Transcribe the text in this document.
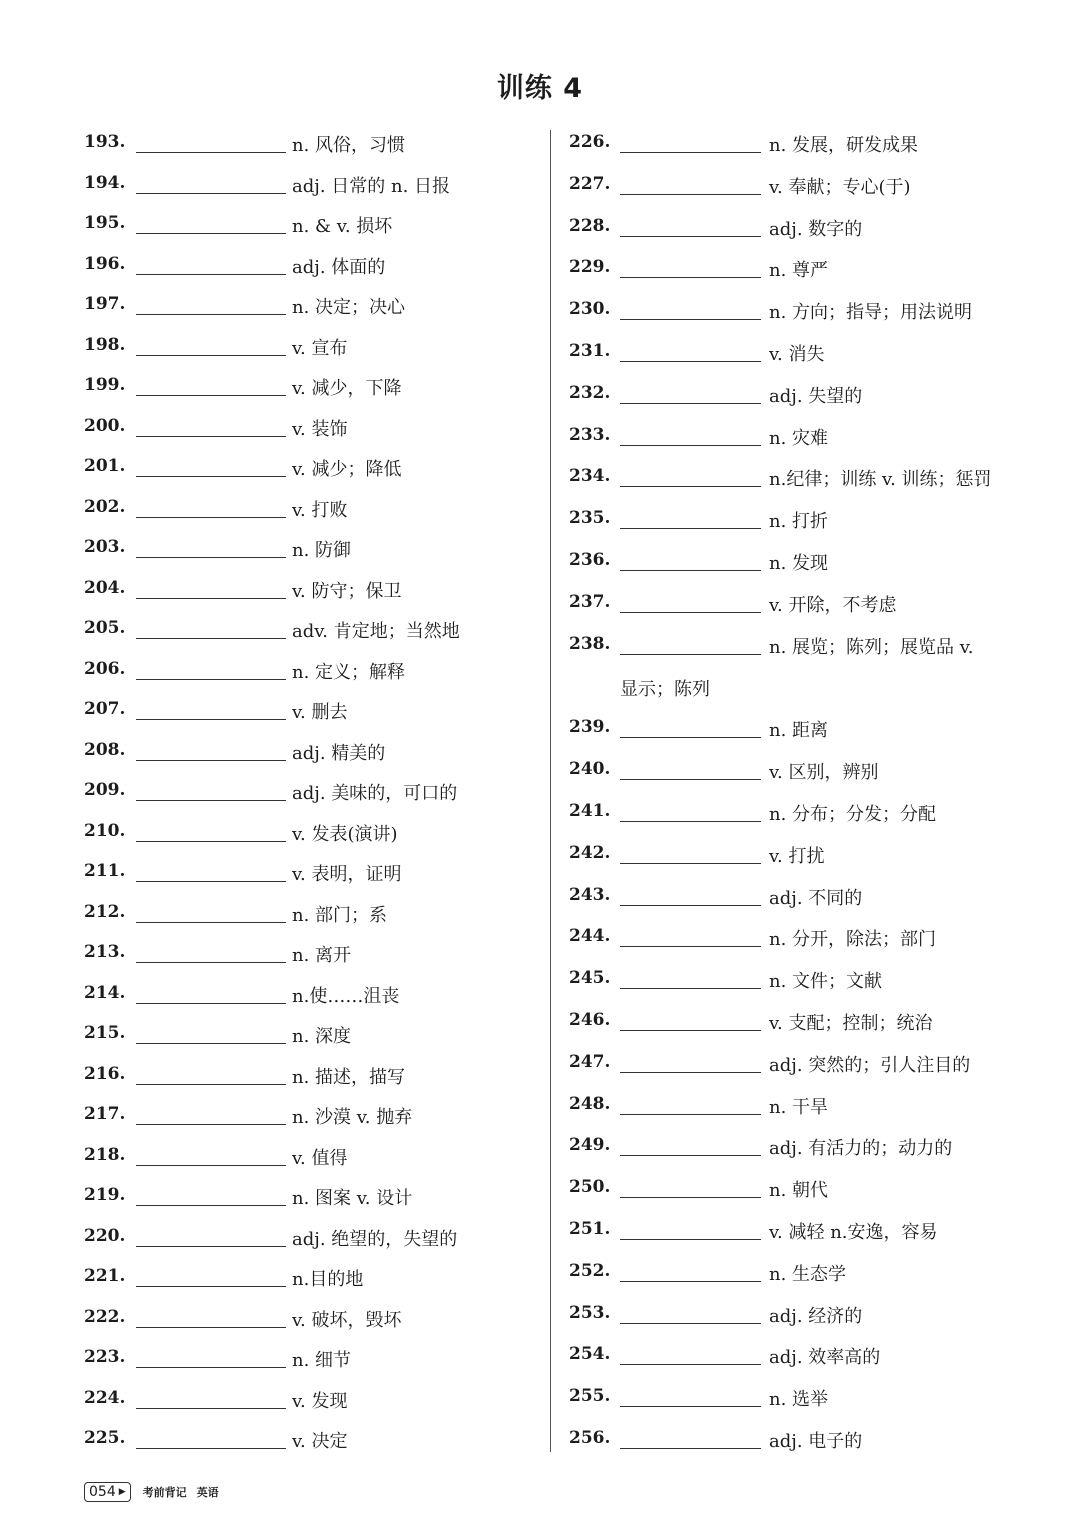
训练 4
193.	n. 风俗，习惯
194.	adj. 日常的 n. 日报
195.	n. & v. 损坏
196.	adj. 体面的
197.	n. 决定；决心
198.	v. 宣布
199.	v. 减少，下降
200.	v. 装饰
201.	v. 减少；降低
202.	v. 打败
203.	n. 防御
204.	v. 防守；保卫
205.	adv. 肯定地；当然地
206.	n. 定义；解释
207.	v. 删去
208.	adj. 精美的
209.	adj. 美味的，可口的
210.	v. 发表(演讲)
211.	v. 表明，证明
212.	n. 部门；系
213.	n. 离开
214.	n.使……沮丧
215.	n. 深度
216.	n. 描述，描写
217.	n. 沙漠 v. 抛弃
218.	v. 值得
219.	n. 图案 v. 设计
220.	adj. 绝望的，失望的
221.	n.目的地
222.	v. 破坏，毁坏
223.	n. 细节
224.	v. 发现
225.	v. 决定
226.	n. 发展，研发成果
227.	v. 奉献；专心(于)
228.	adj. 数字的
229.	n. 尊严
230.	n. 方向；指导；用法说明
231.	v. 消失
232.	adj. 失望的
233.	n. 灾难
234.	n.纪律；训练 v. 训练；惩罚
235.	n. 打折
236.	n. 发现
237.	v. 开除，不考虑
238.	n. 展览；陈列；展览品 v.
显示；陈列
239.	n. 距离
240.	v. 区别，辨别
241.	n. 分布；分发；分配
242.	v. 打扰
243.	adj. 不同的
244.	n. 分开，除法；部门
245.	n. 文件；文献
246.	v. 支配；控制；统治
247.	adj. 突然的；引人注目的
248.	n. 干旱
249.	adj. 有活力的；动力的
250.	n. 朝代
251.	v. 减轻 n.安逸，容易
252.	n. 生态学
253.	adj. 经济的
254.	adj. 效率高的
255.	n. 选举
256.	adj. 电子的
054 ▶ 考前背记 英语
